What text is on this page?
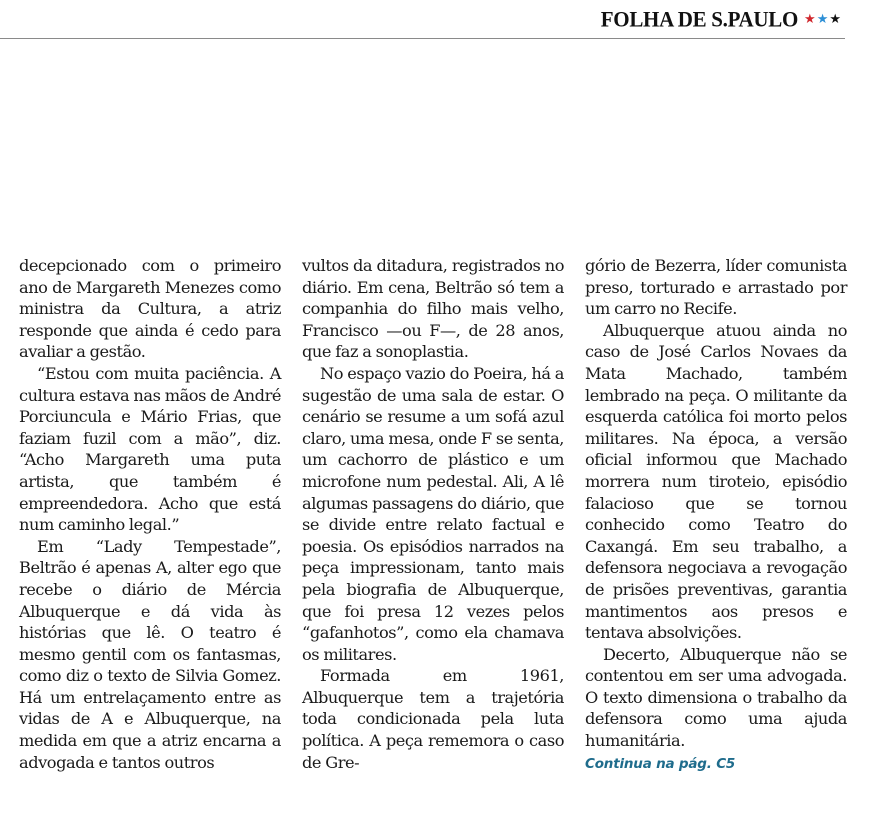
FOLHA DE S.PAULO ★★★

decepcionado com o primeiro ano de Margareth Menezes como ministra da Cultura, a atriz responde que ainda é cedo para avaliar a gestão.

“Estou com muita paciência. A cultura estava nas mãos de André Porciuncula e Mário Frias, que faziam fuzil com a mão”, diz. “Acho Margareth uma puta artista, que também é empreendedora. Acho que está num caminho legal.”

Em “Lady Tempestade”, Beltrão é apenas A, alter ego que recebe o diário de Mércia Albuquerque e dá vida às histórias que lê. O teatro é mesmo gentil com os fantasmas, como diz o texto de Silvia Gomez. Há um entrelaçamento entre as vidas de A e Albuquerque, na medida em que a atriz encarna a advogada e tantos outros

vultos da ditadura, registrados no diário. Em cena, Beltrão só tem a companhia do filho mais velho, Francisco —ou F—, de 28 anos, que faz a sonoplastia.

No espaço vazio do Poeira, há a sugestão de uma sala de estar. O cenário se resume a um sofá azul claro, uma mesa, onde F se senta, um cachorro de plástico e um microfone num pedestal. Ali, A lê algumas passagens do diário, que se divide entre relato factual e poesia. Os episódios narrados na peça impressionam, tanto mais pela biografia de Albuquerque, que foi presa 12 vezes pelos “gafanhotos”, como ela chamava os militares.

Formada em 1961, Albuquerque tem a trajetória toda condicionada pela luta política. A peça rememora o caso de Gre-

gório de Bezerra, líder comunista preso, torturado e arrastado por um carro no Recife.

Albuquerque atuou ainda no caso de José Carlos Novaes da Mata Machado, também lembrado na peça. O militante da esquerda católica foi morto pelos militares. Na época, a versão oficial informou que Machado morrera num tiroteio, episódio falacioso que se tornou conhecido como Teatro do Caxangá. Em seu trabalho, a defensora negociava a revogação de prisões preventivas, garantia mantimentos aos presos e tentava absolvições.

Decerto, Albuquerque não se contentou em ser uma advogada. O texto dimensiona o trabalho da defensora como uma ajuda humanitária.

Continua na pág. C5
